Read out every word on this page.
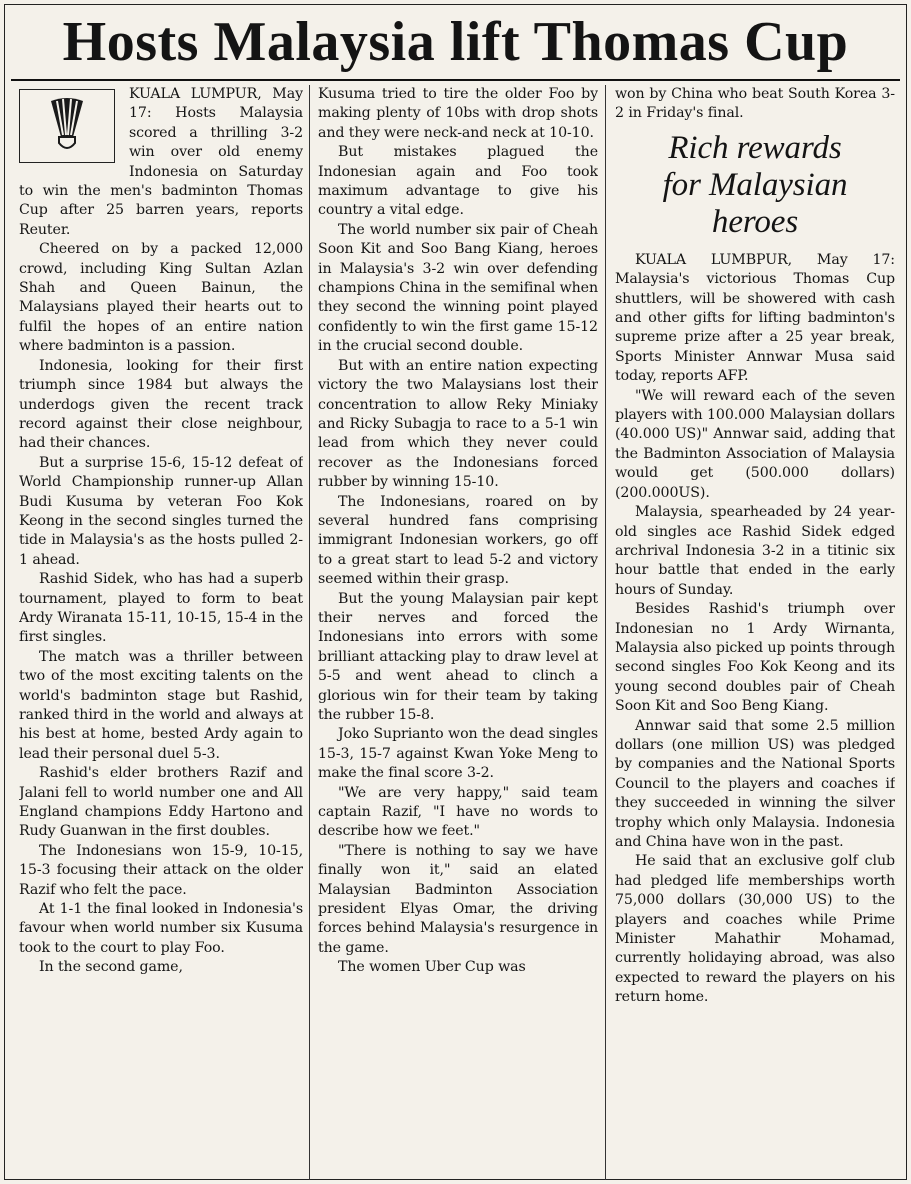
Hosts Malaysia lift Thomas Cup

KUALA LUMPUR, May 17: Hosts Malaysia scored a thrilling 3-2 win over old enemy Indonesia on Saturday to win the men's badminton Thomas Cup after 25 barren years, reports Reuter.

Cheered on by a packed 12,000 crowd, including King Sultan Azlan Shah and Queen Bainun, the Malaysians played their hearts out to fulfil the hopes of an entire nation where badminton is a passion.

Indonesia, looking for their first triumph since 1984 but always the underdogs given the recent track record against their close neighbour, had their chances.

But a surprise 15-6, 15-12 defeat of World Championship runner-up Allan Budi Kusuma by veteran Foo Kok Keong in the second singles turned the tide in Malaysia's as the hosts pulled 2-1 ahead.

Rashid Sidek, who has had a superb tournament, played to form to beat Ardy Wiranata 15-11, 10-15, 15-4 in the first singles.

The match was a thriller between two of the most exciting talents on the world's badminton stage but Rashid, ranked third in the world and always at his best at home, bested Ardy again to lead their personal duel 5-3.

Rashid's elder brothers Razif and Jalani fell to world number one and All England champions Eddy Hartono and Rudy Guanwan in the first doubles.

The Indonesians won 15-9, 10-15, 15-3 focusing their attack on the older Razif who felt the pace.

At 1-1 the final looked in Indonesia's favour when world number six Kusuma took to the court to play Foo.

In the second game,

Kusuma tried to tire the older Foo by making plenty of 10bs with drop shots and they were neck-and neck at 10-10.

But mistakes plagued the Indonesian again and Foo took maximum advantage to give his country a vital edge.

The world number six pair of Cheah Soon Kit and Soo Bang Kiang, heroes in Malaysia's 3-2 win over defending champions China in the semifinal when they second the winning point played confidently to win the first game 15-12 in the crucial second double.

But with an entire nation expecting victory the two Malaysians lost their concentration to allow Reky Miniaky and Ricky Subagja to race to a 5-1 win lead from which they never could recover as the Indonesians forced rubber by winning 15-10.

The Indonesians, roared on by several hundred fans comprising immigrant Indonesian workers, go off to a great start to lead 5-2 and victory seemed within their grasp.

But the young Malaysian pair kept their nerves and forced the Indonesians into errors with some brilliant attacking play to draw level at 5-5 and went ahead to clinch a glorious win for their team by taking the rubber 15-8.

Joko Suprianto won the dead singles 15-3, 15-7 against Kwan Yoke Meng to make the final score 3-2.

"We are very happy," said team captain Razif, "I have no words to describe how we feet."

"There is nothing to say we have finally won it," said an elated Malaysian Badminton Association president Elyas Omar, the driving forces behind Malaysia's resurgence in the game.

The women Uber Cup was

won by China who beat South Korea 3-2 in Friday's final.

Rich rewards
for Malaysian
heroes

KUALA LUMBPUR, May 17: Malaysia's victorious Thomas Cup shuttlers, will be showered with cash and other gifts for lifting badminton's supreme prize after a 25 year break, Sports Minister Annwar Musa said today, reports AFP.

"We will reward each of the seven players with 100.000 Malaysian dollars (40.000 US)" Annwar said, adding that the Badminton Association of Malaysia would get (500.000 dollars) (200.000US).

Malaysia, spearheaded by 24 year-old singles ace Rashid Sidek edged archrival Indonesia 3-2 in a titinic six hour battle that ended in the early hours of Sunday.

Besides Rashid's triumph over Indonesian no 1 Ardy Wirnanta, Malaysia also picked up points through second singles Foo Kok Keong and its young second doubles pair of Cheah Soon Kit and Soo Beng Kiang.

Annwar said that some 2.5 million dollars (one million US) was pledged by companies and the National Sports Council to the players and coaches if they succeeded in winning the silver trophy which only Malaysia. Indonesia and China have won in the past.

He said that an exclusive golf club had pledged life memberships worth 75,000 dollars (30,000 US) to the players and coaches while Prime Minister Mahathir Mohamad, currently holidaying abroad, was also expected to reward the players on his return home.
